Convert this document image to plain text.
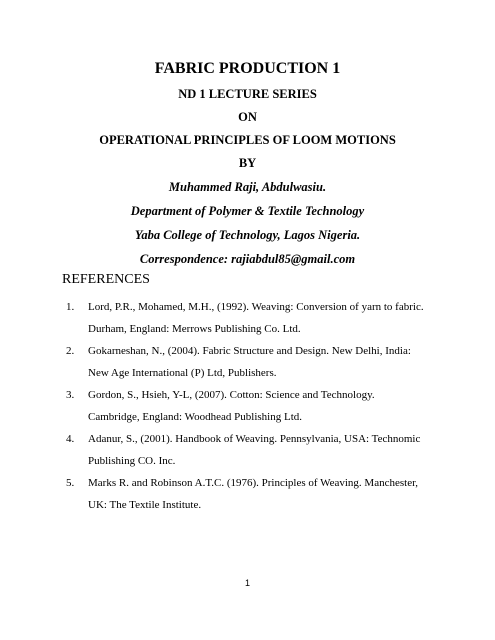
FABRIC PRODUCTION 1
ND 1 LECTURE SERIES
ON
OPERATIONAL PRINCIPLES OF LOOM MOTIONS
BY
Muhammed Raji, Abdulwasiu.
Department of Polymer & Textile Technology
Yaba College of Technology, Lagos Nigeria.
Correspondence: rajiabdul85@gmail.com
REFERENCES
1. Lord, P.R., Mohamed, M.H., (1992). Weaving: Conversion of yarn to fabric.
Durham, England: Merrows Publishing Co. Ltd.
2. Gokarneshan, N., (2004). Fabric Structure and Design. New Delhi, India:
New Age International (P) Ltd, Publishers.
3. Gordon, S., Hsieh, Y-L, (2007). Cotton: Science and Technology.
Cambridge, England: Woodhead Publishing Ltd.
4. Adanur, S., (2001). Handbook of Weaving. Pennsylvania, USA: Technomic
Publishing CO. Inc.
5. Marks R. and Robinson A.T.C. (1976). Principles of Weaving. Manchester,
UK: The Textile Institute.
1
